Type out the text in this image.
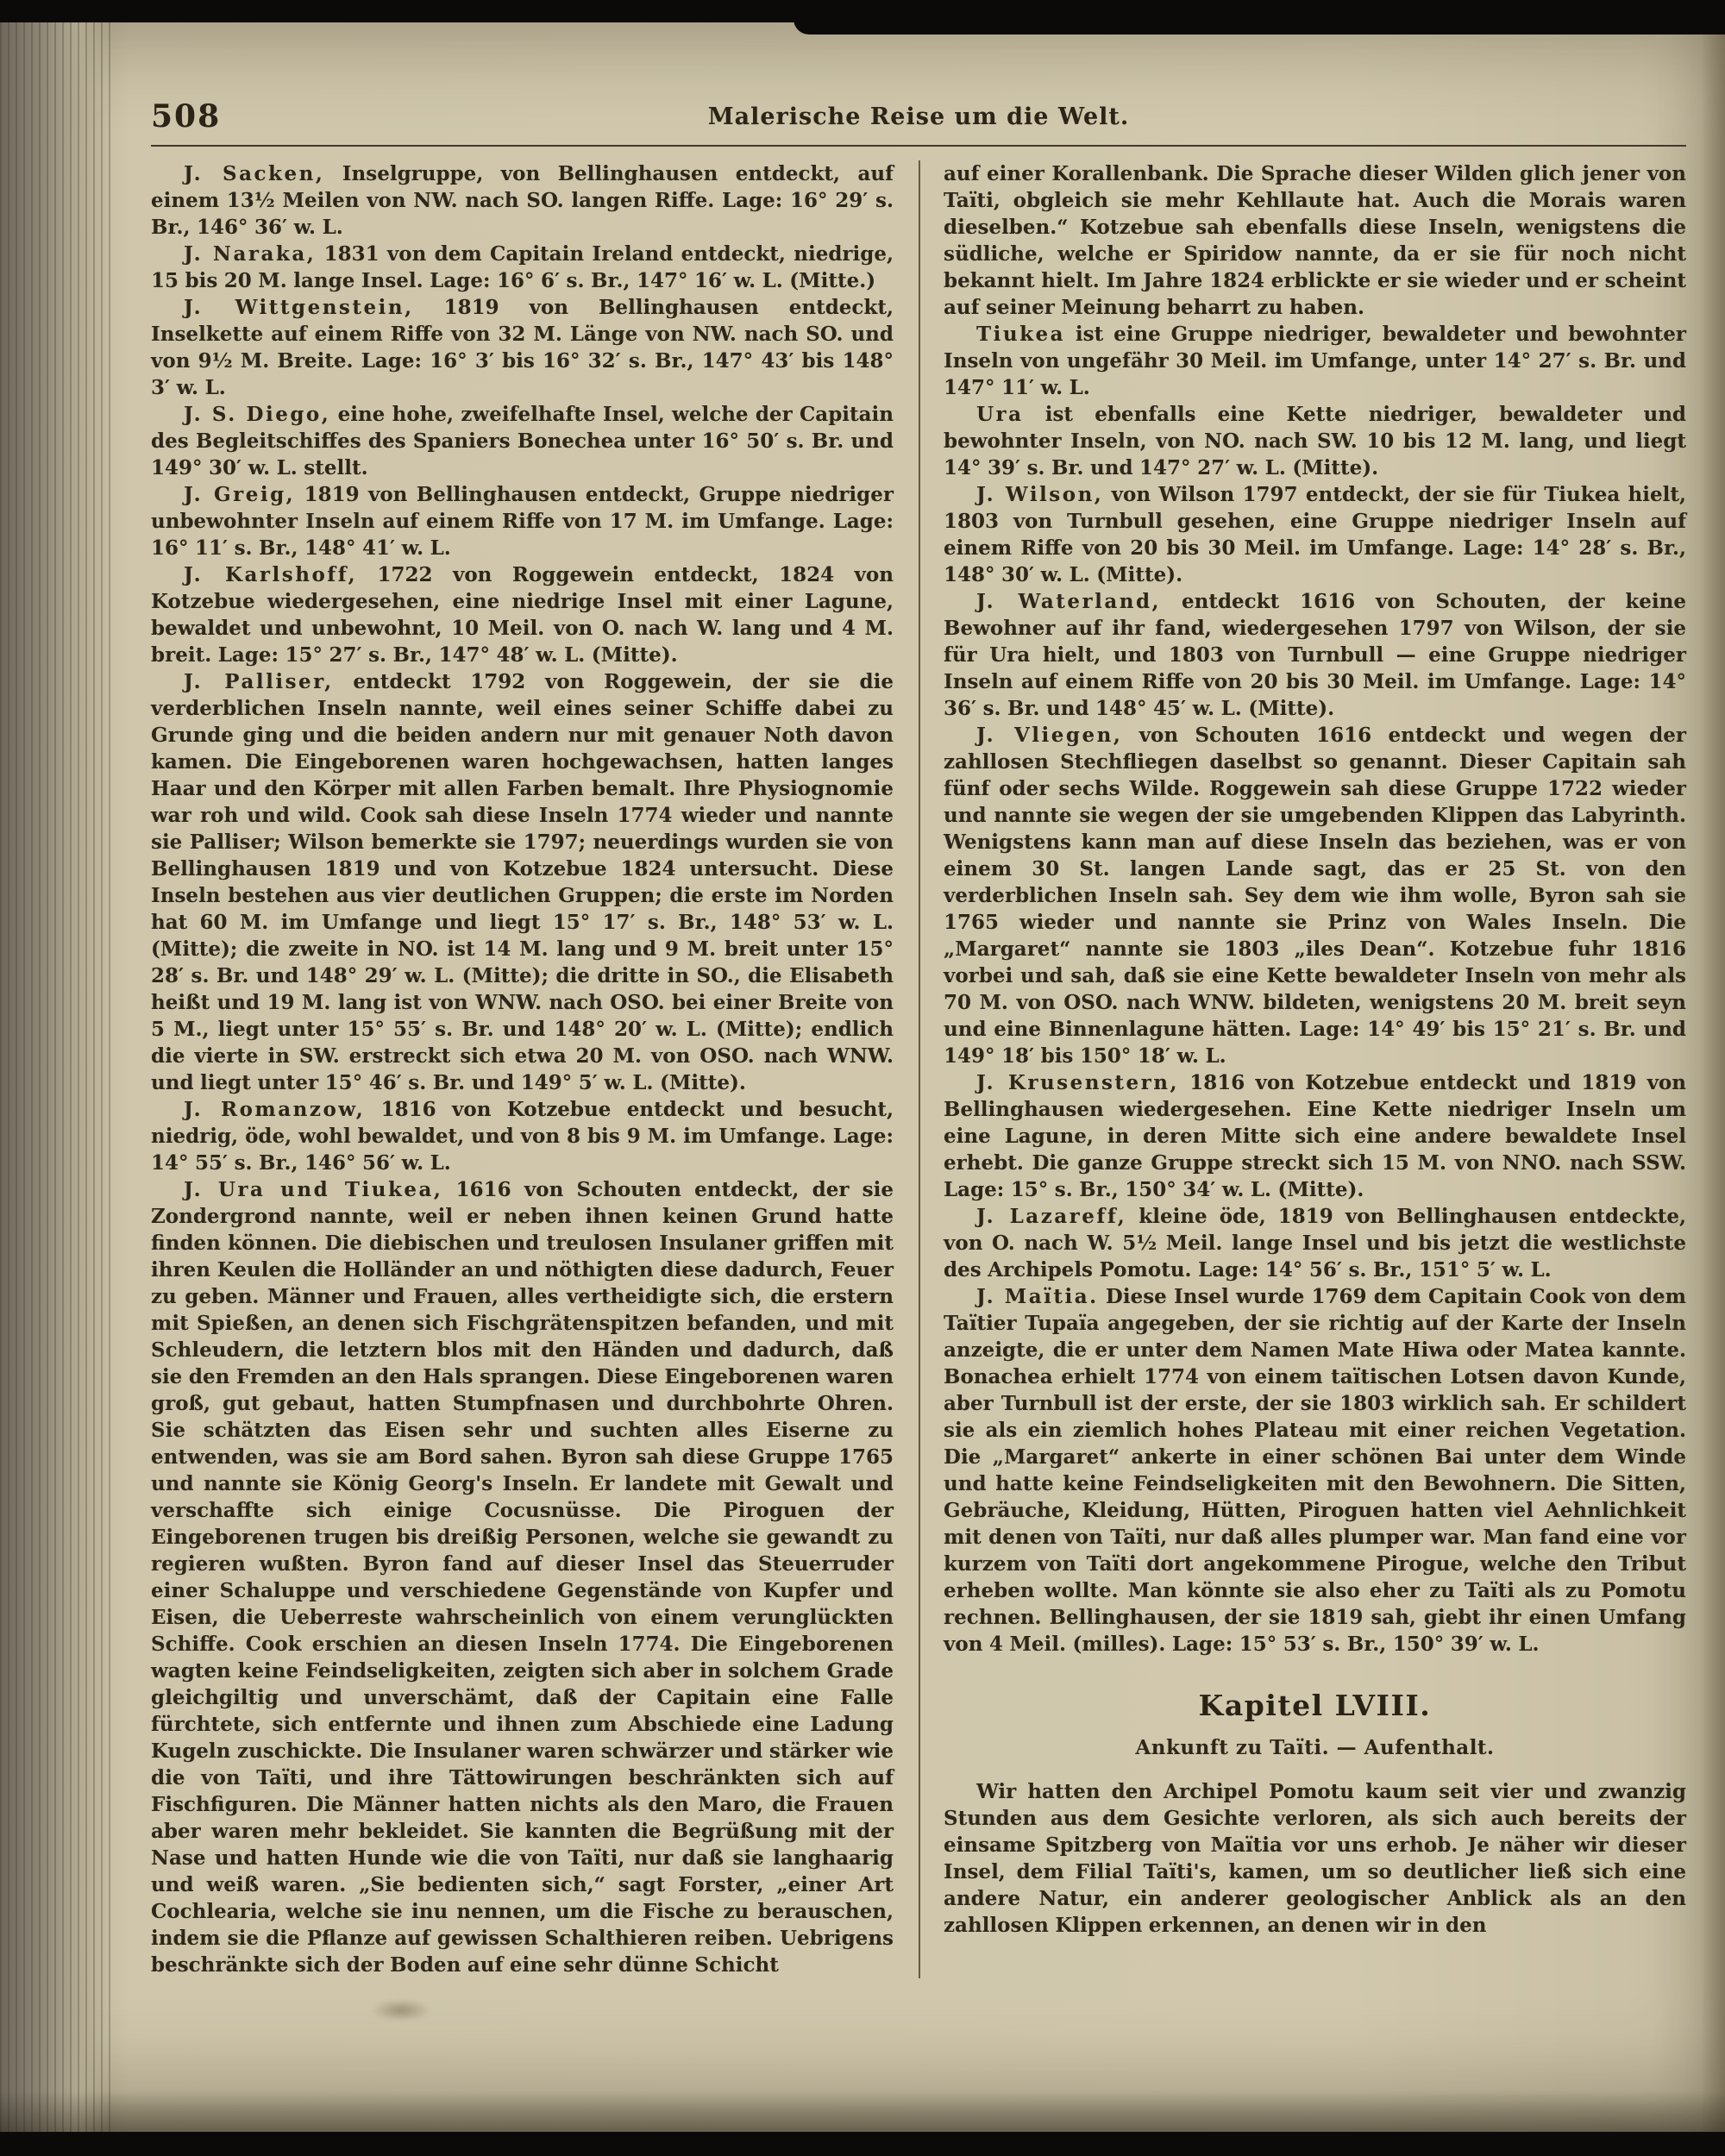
508	Malerische Reise um die Welt.

J. Sacken, Inselgruppe, von Bellinghausen entdeckt, auf einem 13½ Meilen von NW. nach SO. langen Riffe. Lage: 16° 29′ s. Br., 146° 36′ w. L.

J. Naraka, 1831 von dem Capitain Ireland entdeckt, niedrige, 15 bis 20 M. lange Insel. Lage: 16° 6′ s. Br., 147° 16′ w. L. (Mitte.)

J. Wittgenstein, 1819 von Bellinghausen entdeckt, Inselkette auf einem Riffe von 32 M. Länge von NW. nach SO. und von 9½ M. Breite. Lage: 16° 3′ bis 16° 32′ s. Br., 147° 43′ bis 148° 3′ w. L.

J. S. Diego, eine hohe, zweifelhafte Insel, welche der Capitain des Begleitschiffes des Spaniers Bonechea unter 16° 50′ s. Br. und 149° 30′ w. L. stellt.

J. Greig, 1819 von Bellinghausen entdeckt, Gruppe niedriger unbewohnter Inseln auf einem Riffe von 17 M. im Umfange. Lage: 16° 11′ s. Br., 148° 41′ w. L.

J. Karlshoff, 1722 von Roggewein entdeckt, 1824 von Kotzebue wiedergesehen, eine niedrige Insel mit einer Lagune, bewaldet und unbewohnt, 10 Meil. von O. nach W. lang und 4 M. breit. Lage: 15° 27′ s. Br., 147° 48′ w. L. (Mitte).

J. Palliser, entdeckt 1792 von Roggewein, der sie die verderblichen Inseln nannte, weil eines seiner Schiffe dabei zu Grunde ging und die beiden andern nur mit genauer Noth davon kamen. Die Eingeborenen waren hochgewachsen, hatten langes Haar und den Körper mit allen Farben bemalt. Ihre Physiognomie war roh und wild. Cook sah diese Inseln 1774 wieder und nannte sie Palliser; Wilson bemerkte sie 1797; neuerdings wurden sie von Bellinghausen 1819 und von Kotzebue 1824 untersucht. Diese Inseln bestehen aus vier deutlichen Gruppen; die erste im Norden hat 60 M. im Umfange und liegt 15° 17′ s. Br., 148° 53′ w. L. (Mitte); die zweite in NO. ist 14 M. lang und 9 M. breit unter 15° 28′ s. Br. und 148° 29′ w. L. (Mitte); die dritte in SO., die Elisabeth heißt und 19 M. lang ist von WNW. nach OSO. bei einer Breite von 5 M., liegt unter 15° 55′ s. Br. und 148° 20′ w. L. (Mitte); endlich die vierte in SW. erstreckt sich etwa 20 M. von OSO. nach WNW. und liegt unter 15° 46′ s. Br. und 149° 5′ w. L. (Mitte).

J. Romanzow, 1816 von Kotzebue entdeckt und besucht, niedrig, öde, wohl bewaldet, und von 8 bis 9 M. im Umfange. Lage: 14° 55′ s. Br., 146° 56′ w. L.

J. Ura und Tiukea, 1616 von Schouten entdeckt, der sie Zondergrond nannte, weil er neben ihnen keinen Grund hatte finden können. Die diebischen und treulosen Insulaner griffen mit ihren Keulen die Holländer an und nöthigten diese dadurch, Feuer zu geben. Männer und Frauen, alles vertheidigte sich, die erstern mit Spießen, an denen sich Fischgrätenspitzen befanden, und mit Schleudern, die letztern blos mit den Händen und dadurch, daß sie den Fremden an den Hals sprangen. Diese Eingeborenen waren groß, gut gebaut, hatten Stumpfnasen und durchbohrte Ohren. Sie schätzten das Eisen sehr und suchten alles Eiserne zu entwenden, was sie am Bord sahen. Byron sah diese Gruppe 1765 und nannte sie König Georg's Inseln. Er landete mit Gewalt und verschaffte sich einige Cocusnüsse. Die Piroguen der Eingeborenen trugen bis dreißig Personen, welche sie gewandt zu regieren wußten. Byron fand auf dieser Insel das Steuerruder einer Schaluppe und verschiedene Gegenstände von Kupfer und Eisen, die Ueberreste wahrscheinlich von einem verunglückten Schiffe. Cook erschien an diesen Inseln 1774. Die Eingeborenen wagten keine Feindseligkeiten, zeigten sich aber in solchem Grade gleichgiltig und unverschämt, daß der Capitain eine Falle fürchtete, sich entfernte und ihnen zum Abschiede eine Ladung Kugeln zuschickte. Die Insulaner waren schwärzer und stärker wie die von Taïti, und ihre Tättowirungen beschränkten sich auf Fischfiguren. Die Männer hatten nichts als den Maro, die Frauen aber waren mehr bekleidet. Sie kannten die Begrüßung mit der Nase und hatten Hunde wie die von Taïti, nur daß sie langhaarig und weiß waren. „Sie bedienten sich,“ sagt Forster, „einer Art Cochlearia, welche sie inu nennen, um die Fische zu berauschen, indem sie die Pflanze auf gewissen Schalthieren reiben. Uebrigens beschränkte sich der Boden auf eine sehr dünne Schicht

auf einer Korallenbank. Die Sprache dieser Wilden glich jener von Taïti, obgleich sie mehr Kehllaute hat. Auch die Morais waren dieselben.“ Kotzebue sah ebenfalls diese Inseln, wenigstens die südliche, welche er Spiridow nannte, da er sie für noch nicht bekannt hielt. Im Jahre 1824 erblickte er sie wieder und er scheint auf seiner Meinung beharrt zu haben.

Tiukea ist eine Gruppe niedriger, bewaldeter und bewohnter Inseln von ungefähr 30 Meil. im Umfange, unter 14° 27′ s. Br. und 147° 11′ w. L.

Ura ist ebenfalls eine Kette niedriger, bewaldeter und bewohnter Inseln, von NO. nach SW. 10 bis 12 M. lang, und liegt 14° 39′ s. Br. und 147° 27′ w. L. (Mitte).

J. Wilson, von Wilson 1797 entdeckt, der sie für Tiukea hielt, 1803 von Turnbull gesehen, eine Gruppe niedriger Inseln auf einem Riffe von 20 bis 30 Meil. im Umfange. Lage: 14° 28′ s. Br., 148° 30′ w. L. (Mitte).

J. Waterland, entdeckt 1616 von Schouten, der keine Bewohner auf ihr fand, wiedergesehen 1797 von Wilson, der sie für Ura hielt, und 1803 von Turnbull — eine Gruppe niedriger Inseln auf einem Riffe von 20 bis 30 Meil. im Umfange. Lage: 14° 36′ s. Br. und 148° 45′ w. L. (Mitte).

J. Vliegen, von Schouten 1616 entdeckt und wegen der zahllosen Stechfliegen daselbst so genannt. Dieser Capitain sah fünf oder sechs Wilde. Roggewein sah diese Gruppe 1722 wieder und nannte sie wegen der sie umgebenden Klippen das Labyrinth. Wenigstens kann man auf diese Inseln das beziehen, was er von einem 30 St. langen Lande sagt, das er 25 St. von den verderblichen Inseln sah. Sey dem wie ihm wolle, Byron sah sie 1765 wieder und nannte sie Prinz von Wales Inseln. Die „Margaret“ nannte sie 1803 „iles Dean“. Kotzebue fuhr 1816 vorbei und sah, daß sie eine Kette bewaldeter Inseln von mehr als 70 M. von OSO. nach WNW. bildeten, wenigstens 20 M. breit seyn und eine Binnenlagune hätten. Lage: 14° 49′ bis 15° 21′ s. Br. und 149° 18′ bis 150° 18′ w. L.

J. Krusenstern, 1816 von Kotzebue entdeckt und 1819 von Bellinghausen wiedergesehen. Eine Kette niedriger Inseln um eine Lagune, in deren Mitte sich eine andere bewaldete Insel erhebt. Die ganze Gruppe streckt sich 15 M. von NNO. nach SSW. Lage: 15° s. Br., 150° 34′ w. L. (Mitte).

J. Lazareff, kleine öde, 1819 von Bellinghausen entdeckte, von O. nach W. 5½ Meil. lange Insel und bis jetzt die westlichste des Archipels Pomotu. Lage: 14° 56′ s. Br., 151° 5′ w. L.

J. Maïtia. Diese Insel wurde 1769 dem Capitain Cook von dem Taïtier Tupaïa angegeben, der sie richtig auf der Karte der Inseln anzeigte, die er unter dem Namen Mate Hiwa oder Matea kannte. Bonachea erhielt 1774 von einem taïtischen Lotsen davon Kunde, aber Turnbull ist der erste, der sie 1803 wirklich sah. Er schildert sie als ein ziemlich hohes Plateau mit einer reichen Vegetation. Die „Margaret“ ankerte in einer schönen Bai unter dem Winde und hatte keine Feindseligkeiten mit den Bewohnern. Die Sitten, Gebräuche, Kleidung, Hütten, Piroguen hatten viel Aehnlichkeit mit denen von Taïti, nur daß alles plumper war. Man fand eine vor kurzem von Taïti dort angekommene Pirogue, welche den Tribut erheben wollte. Man könnte sie also eher zu Taïti als zu Pomotu rechnen. Bellinghausen, der sie 1819 sah, giebt ihr einen Umfang von 4 Meil. (milles). Lage: 15° 53′ s. Br., 150° 39′ w. L.

Kapitel LVIII.
Ankunft zu Taïti. — Aufenthalt.

Wir hatten den Archipel Pomotu kaum seit vier und zwanzig Stunden aus dem Gesichte verloren, als sich auch bereits der einsame Spitzberg von Maïtia vor uns erhob. Je näher wir dieser Insel, dem Filial Taïti's, kamen, um so deutlicher ließ sich eine andere Natur, ein anderer geologischer Anblick als an den zahllosen Klippen erkennen, an denen wir in den
